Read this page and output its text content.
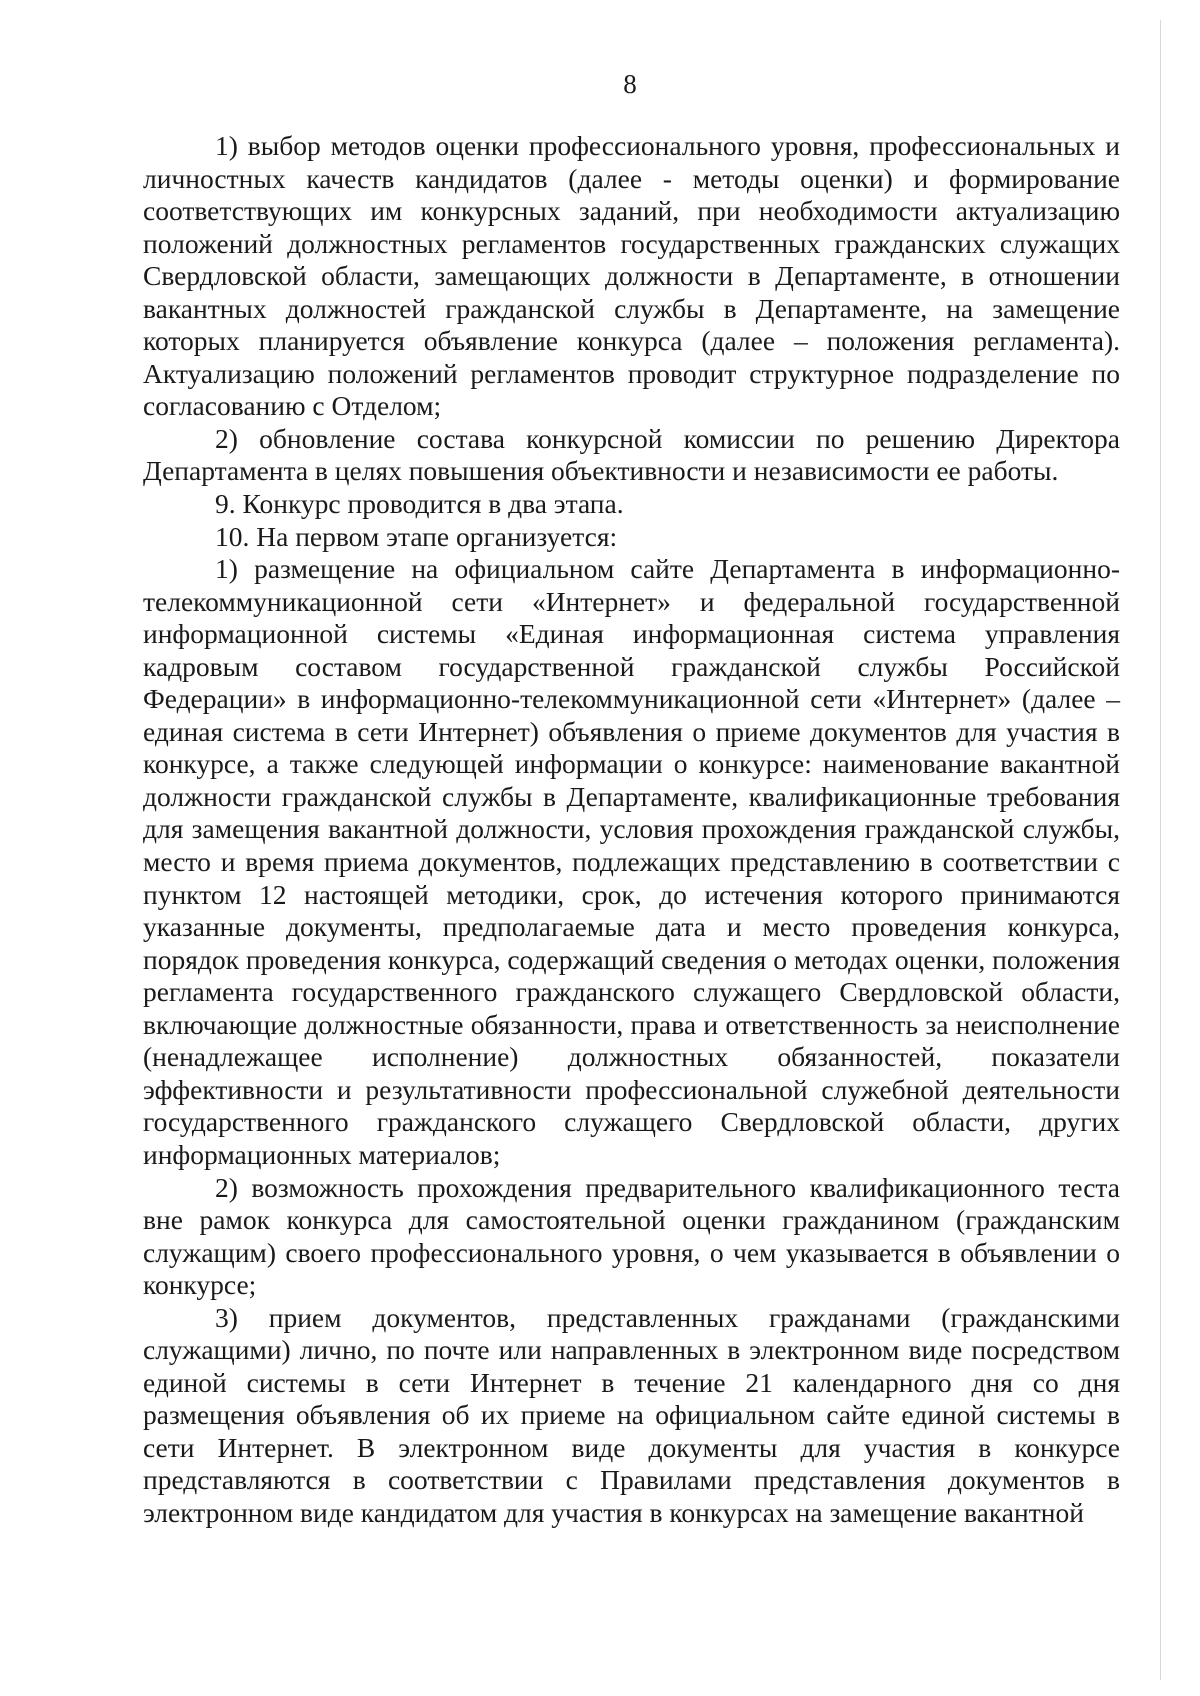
8

1) выбор методов оценки профессионального уровня, профессиональных и личностных качеств кандидатов (далее - методы оценки) и формирование соответствующих им конкурсных заданий, при необходимости актуализацию положений должностных регламентов государственных гражданских служащих Свердловской области, замещающих должности в Департаменте, в отношении вакантных должностей гражданской службы в Департаменте, на замещение которых планируется объявление конкурса (далее – положения регламента). Актуализацию положений регламентов проводит структурное подразделение по согласованию с Отделом;

2) обновление состава конкурсной комиссии по решению Директора Департамента в целях повышения объективности и независимости ее работы.

9. Конкурс проводится в два этапа.

10. На первом этапе организуется:

1) размещение на официальном сайте Департамента в информационно-телекоммуникационной сети «Интернет» и федеральной государственной информационной системы «Единая информационная система управления кадровым составом государственной гражданской службы Российской Федерации» в информационно-телекоммуникационной сети «Интернет» (далее – единая система в сети Интернет) объявления о приеме документов для участия в конкурсе, а также следующей информации о конкурсе: наименование вакантной должности гражданской службы в Департаменте, квалификационные требования для замещения вакантной должности, условия прохождения гражданской службы, место и время приема документов, подлежащих представлению в соответствии с пунктом 12 настоящей методики, срок, до истечения которого принимаются указанные документы, предполагаемые дата и место проведения конкурса, порядок проведения конкурса, содержащий сведения о методах оценки, положения регламента государственного гражданского служащего Свердловской области, включающие должностные обязанности, права и ответственность за неисполнение (ненадлежащее исполнение) должностных обязанностей, показатели эффективности и результативности профессиональной служебной деятельности государственного гражданского служащего Свердловской области, других информационных материалов;

2) возможность прохождения предварительного квалификационного теста вне рамок конкурса для самостоятельной оценки гражданином (гражданским служащим) своего профессионального уровня, о чем указывается в объявлении о конкурсе;

3) прием документов, представленных гражданами (гражданскими служащими) лично, по почте или направленных в электронном виде посредством единой системы в сети Интернет в течение 21 календарного дня со дня размещения объявления об их приеме на официальном сайте единой системы в сети Интернет. В электронном виде документы для участия в конкурсе представляются в соответствии с Правилами представления документов в электронном виде кандидатом для участия в конкурсах на замещение вакантной
